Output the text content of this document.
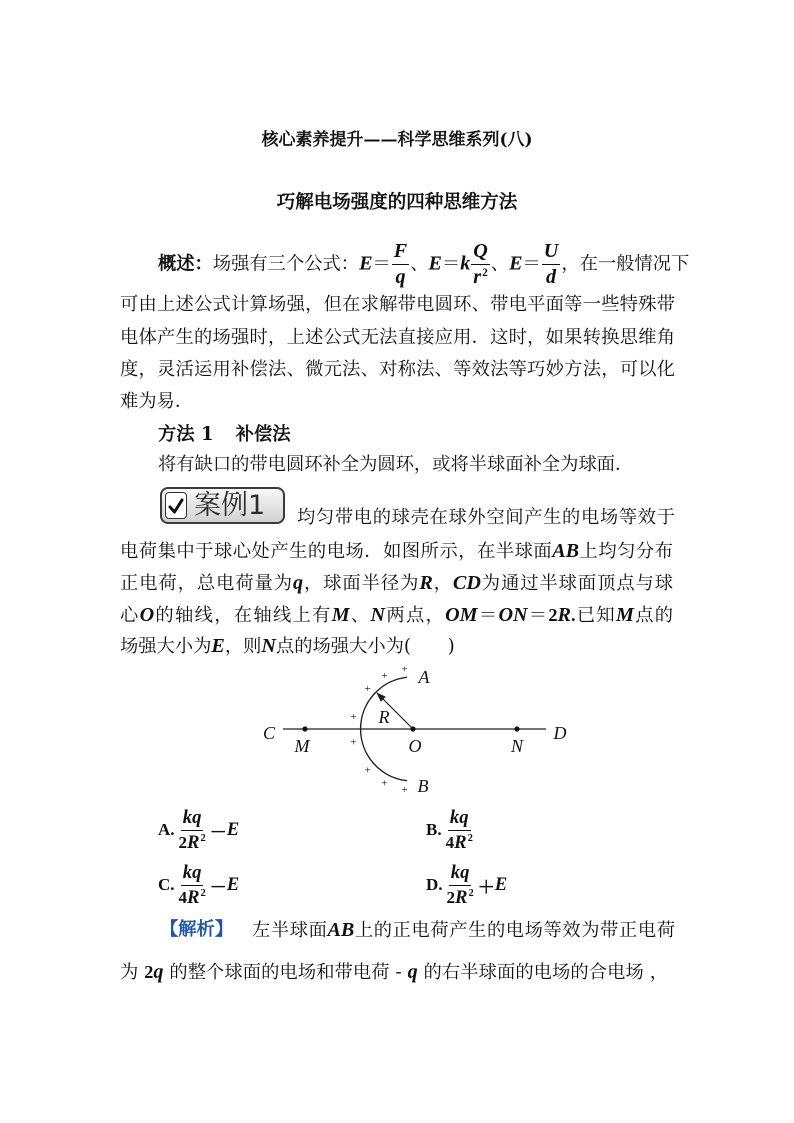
核心素养提升——科学思维系列(八)
巧解电场强度的四种思维方法
概述：场强有三个公式：$E= \frac{F}{q}$ 、$E=k \frac{Q}{r^2}$ 、$E= \frac{U}{d}$ ，在一般情况下
可由上述公式计算场强，但在求解带电圆环、带电平面等一些特殊带
电体产生的场强时，上述公式无法直接应用．这时，如果转换思维角
度，灵活运用补偿法、微元法、对称法、等效法等巧妙方法，可以化
难为易．
方法 1 补偿法
将有缺口的带电圆环补全为圆环，或将半球面补全为球面．
案例1 均匀带电的球壳在球外空间产生的电场等效于
电荷集中于球心处产生的电场．如图所示，在半球面AB上均匀分布
正电荷，总电荷量为q，球面半径为R，CD为通过半球面顶点与球
心O的轴线，在轴线上有M、N两点，OM＝ON＝2R.已知M点的
场强大小为E，则N点的场强大小为(　　)
C	D
M	O	N
A
B
R
+
+
+
+
+
+
+
+
A. $\frac{kq}{2R^2} - E$	B. $\frac{kq}{4R^2}$
C. $\frac{kq}{4R^2} - E$	D. $\frac{kq}{2R^2} + E$
【解析】	左半球面AB上的正电荷产生的电场等效为带正电荷
为 2q 的整个球面的电场和带电荷 - q 的右半球面的电场的合电场 ，
